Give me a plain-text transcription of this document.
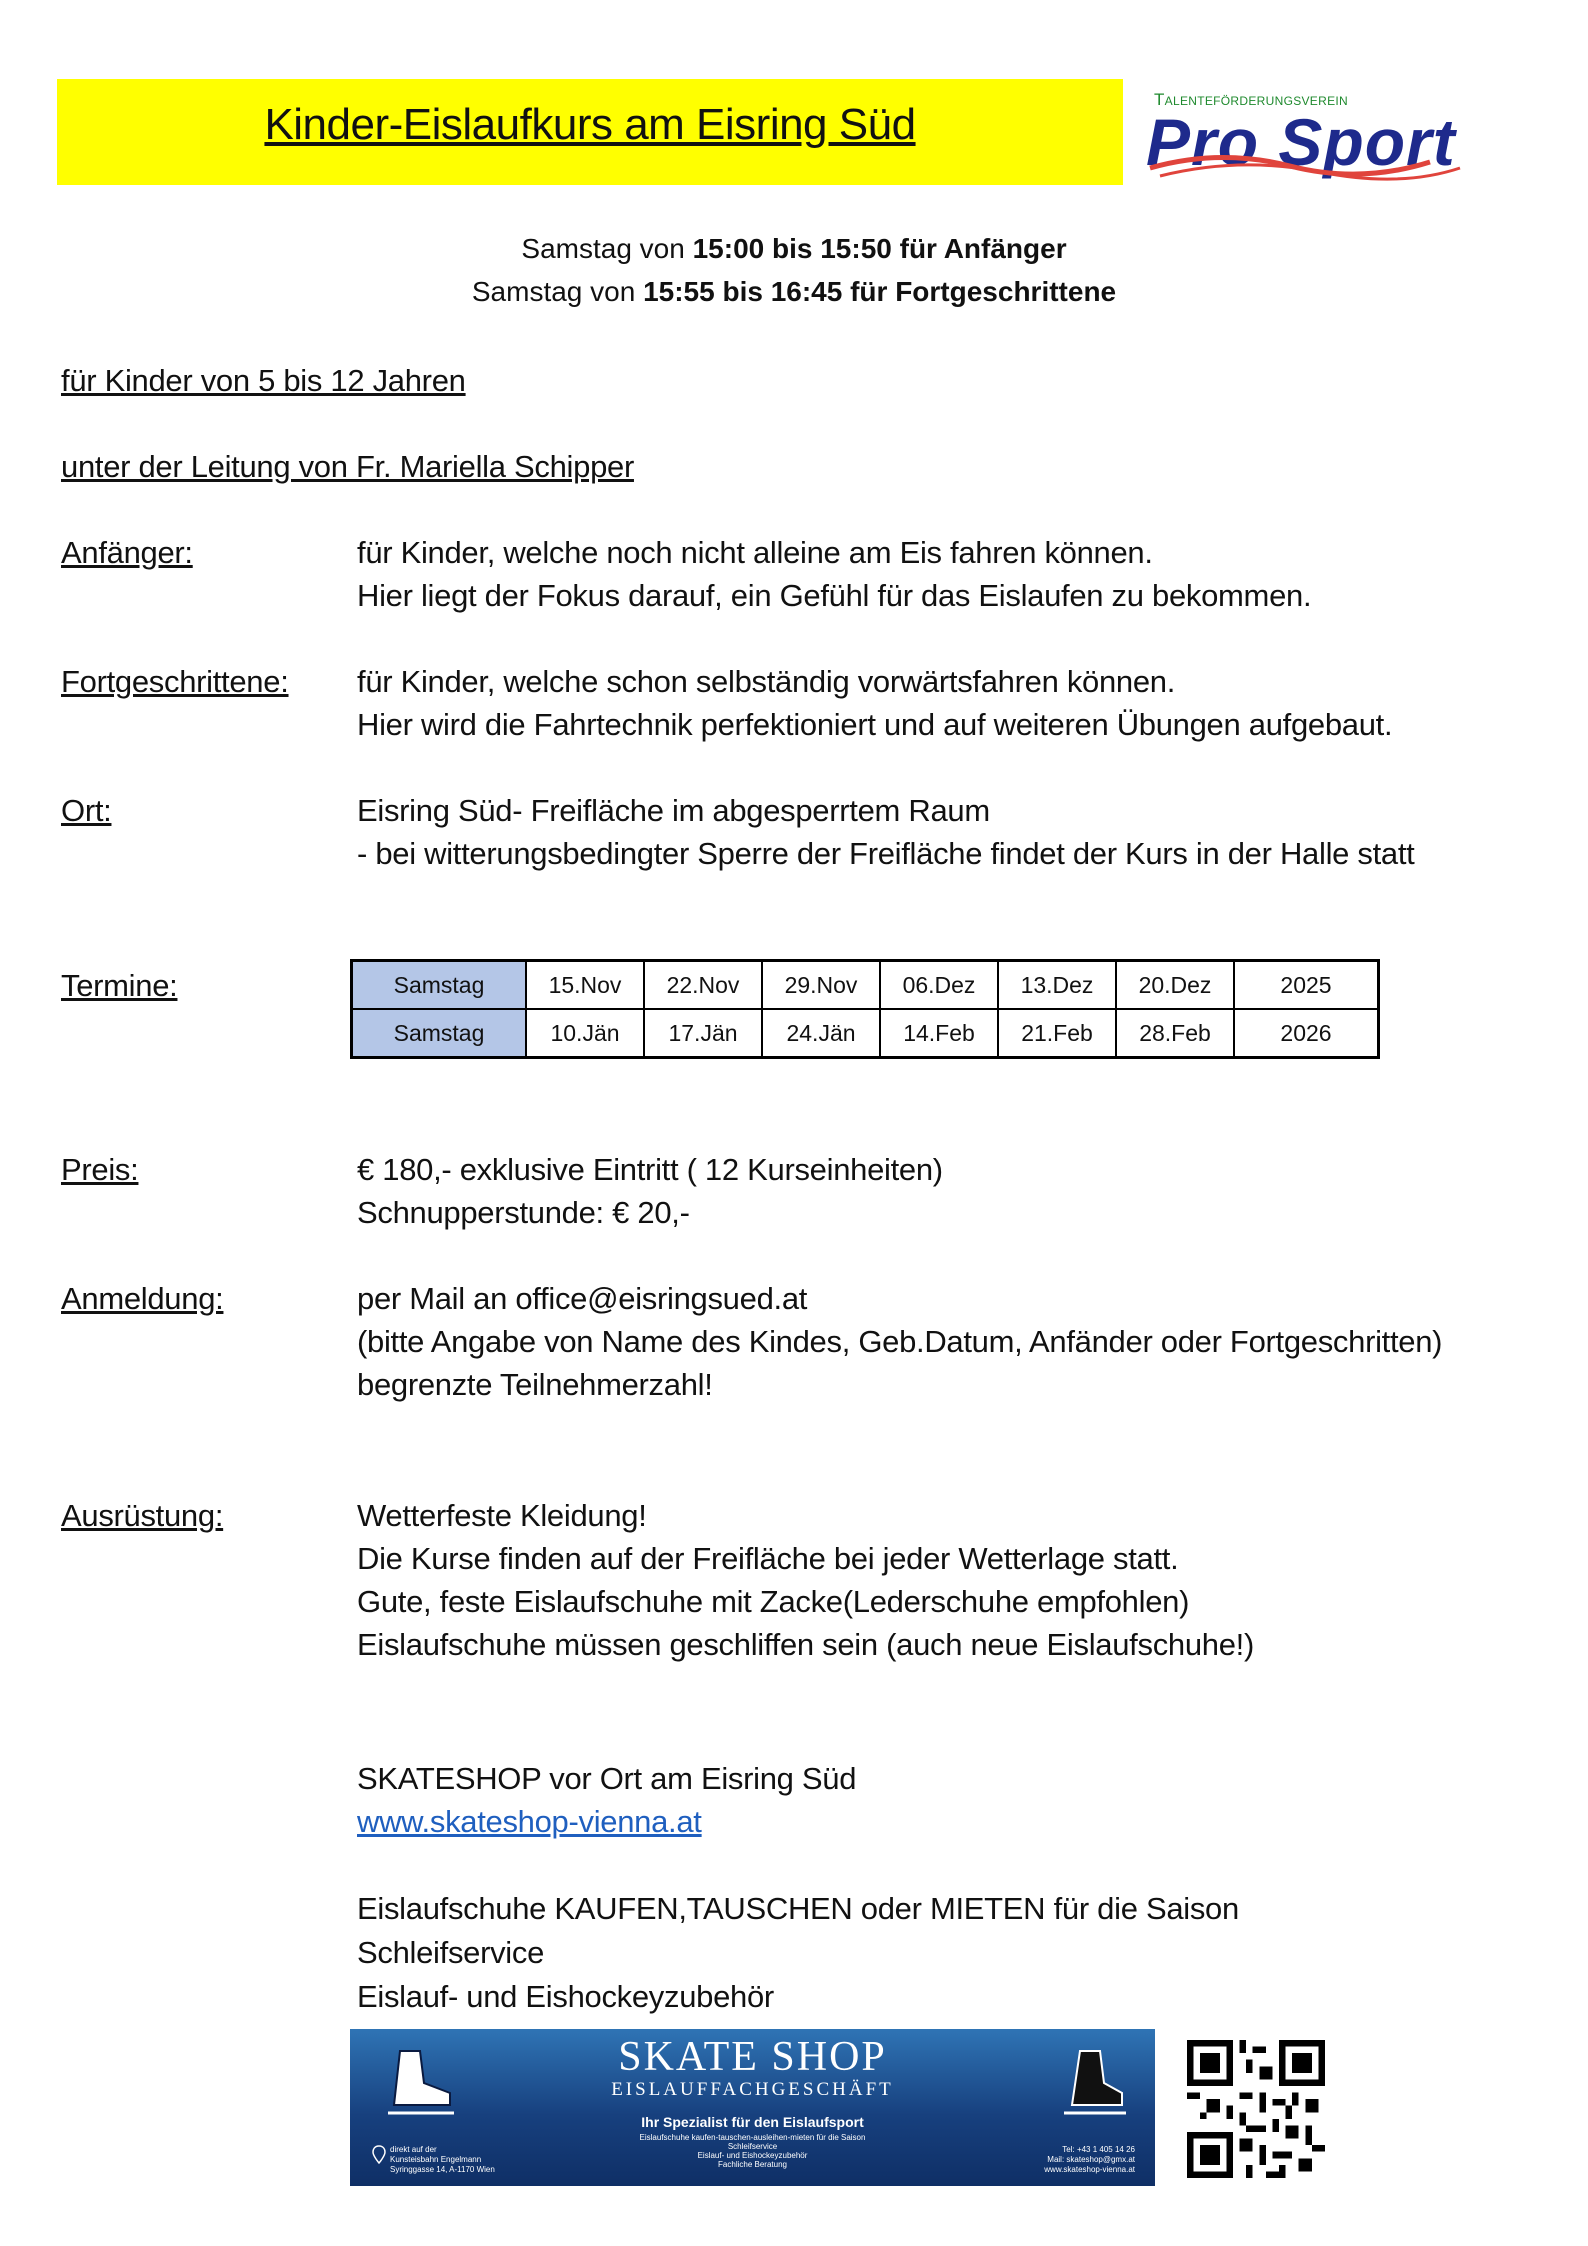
Kinder-Eislaufkurs am Eisring Süd
Talenteförderungsverein
Pro Sport
Samstag von 15:00 bis 15:50 für Anfänger
Samstag von 15:55 bis 16:45 für Fortgeschrittene
für Kinder von 5 bis 12 Jahren
unter der Leitung von Fr. Mariella Schipper
Anfänger:	für Kinder, welche noch nicht alleine am Eis fahren können.
Hier liegt der Fokus darauf, ein Gefühl für das Eislaufen zu bekommen.
Fortgeschrittene: für Kinder, welche schon selbständig vorwärtsfahren können.
Hier wird die Fahrtechnik perfektioniert und auf weiteren Übungen aufgebaut.
Ort:	Eisring Süd- Freifläche im abgesperrtem Raum
- bei witterungsbedingter Sperre der Freifläche findet der Kurs in der Halle statt
Termine:	Samstag	15.Nov	22.Nov	29.Nov	06.Dez	13.Dez	20.Dez	2025
Samstag	10.Jän	17.Jän	24.Jän	14.Feb	21.Feb	28.Feb	2026
Preis:	€ 180,- exklusive Eintritt ( 12 Kurseinheiten)
Schnupperstunde: € 20,-
Anmeldung:	per Mail an office@eisringsued.at
(bitte Angabe von Name des Kindes, Geb.Datum, Anfänder oder Fortgeschritten)
begrenzte Teilnehmerzahl!
Ausrüstung:	Wetterfeste Kleidung!
Die Kurse finden auf der Freifläche bei jeder Wetterlage statt.
Gute, feste Eislaufschuhe mit Zacke(Lederschuhe empfohlen)
Eislaufschuhe müssen geschliffen sein (auch neue Eislaufschuhe!)
SKATESHOP vor Ort am Eisring Süd
www.skateshop-vienna.at
Eislaufschuhe KAUFEN,TAUSCHEN oder MIETEN für die Saison
Schleifservice
Eislauf- und Eishockeyzubehör
SKATE SHOP
EISLAUFFACHGESCHÄFT
Ihr Spezialist für den Eislaufsport
Eislaufschuhe kaufen-tauschen-ausleihen-mieten für die Saison
Schleifservice
Eislauf- und Eishockeyzubehör
Fachliche Beratung
direkt auf der
Kunsteisbahn Engelmann
Syringgasse 14, A-1170 Wien
Tel: +43 1 405 14 26
Mail: skateshop@gmx.at
www.skateshop-vienna.at
